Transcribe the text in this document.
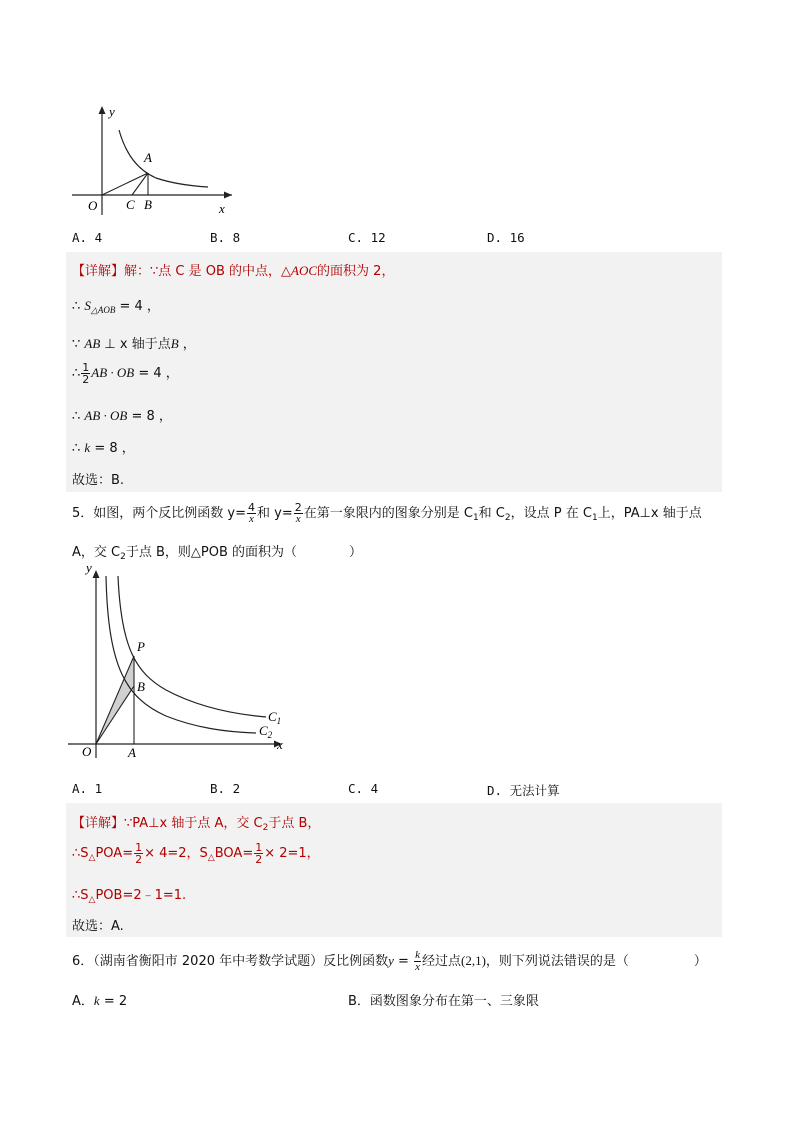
y
A
O C B	x
A. 4	B. 8	C. 12	D. 16
【详解】解：∵点 C 是 OB 的中点，△AOC的面积为 2，
∴ $S_{\triangle AOB} = 4$ ，
∵ AB ⊥ x 轴于点B ，
∴ $\frac{1}{2}$ AB · OB = 4 ，
∴ AB · OB = 8 ，
∴ k = 8 ，
故选：B.
5．如图，两个反比例函数 $y= \frac{4}{x}$ 和 $y= \frac{2}{x}$ 在第一象限内的图象分别是 $C_1$和 $C_2$，设点 P 在 $C_1$上，PA⊥x 轴于点
A，交 $C_2$于点 B，则△POB 的面积为（　　　　）
y
P
B
O	A
x
$C_1$
$C_2$
A. 1	B. 2	C. 4	D. 无法计算
【详解】∵PA⊥x 轴于点 A，交 $C_2$于点 B，
$\therefore S_\triangle POA= \frac{1}{2} \times 4=2$，$S_\triangle BOA= \frac{1}{2} \times 2=1$，
$\therefore S_\triangle POB=2﹣1=1$.
故选：A.
6．（湖南省衡阳市 2020 年中考数学试题）反比例函数$y = \frac{k}{x}$ 经过点(2,1)，则下列说法错误的是（　　　　　）
A．k = 2	B．函数图象分布在第一、三象限
